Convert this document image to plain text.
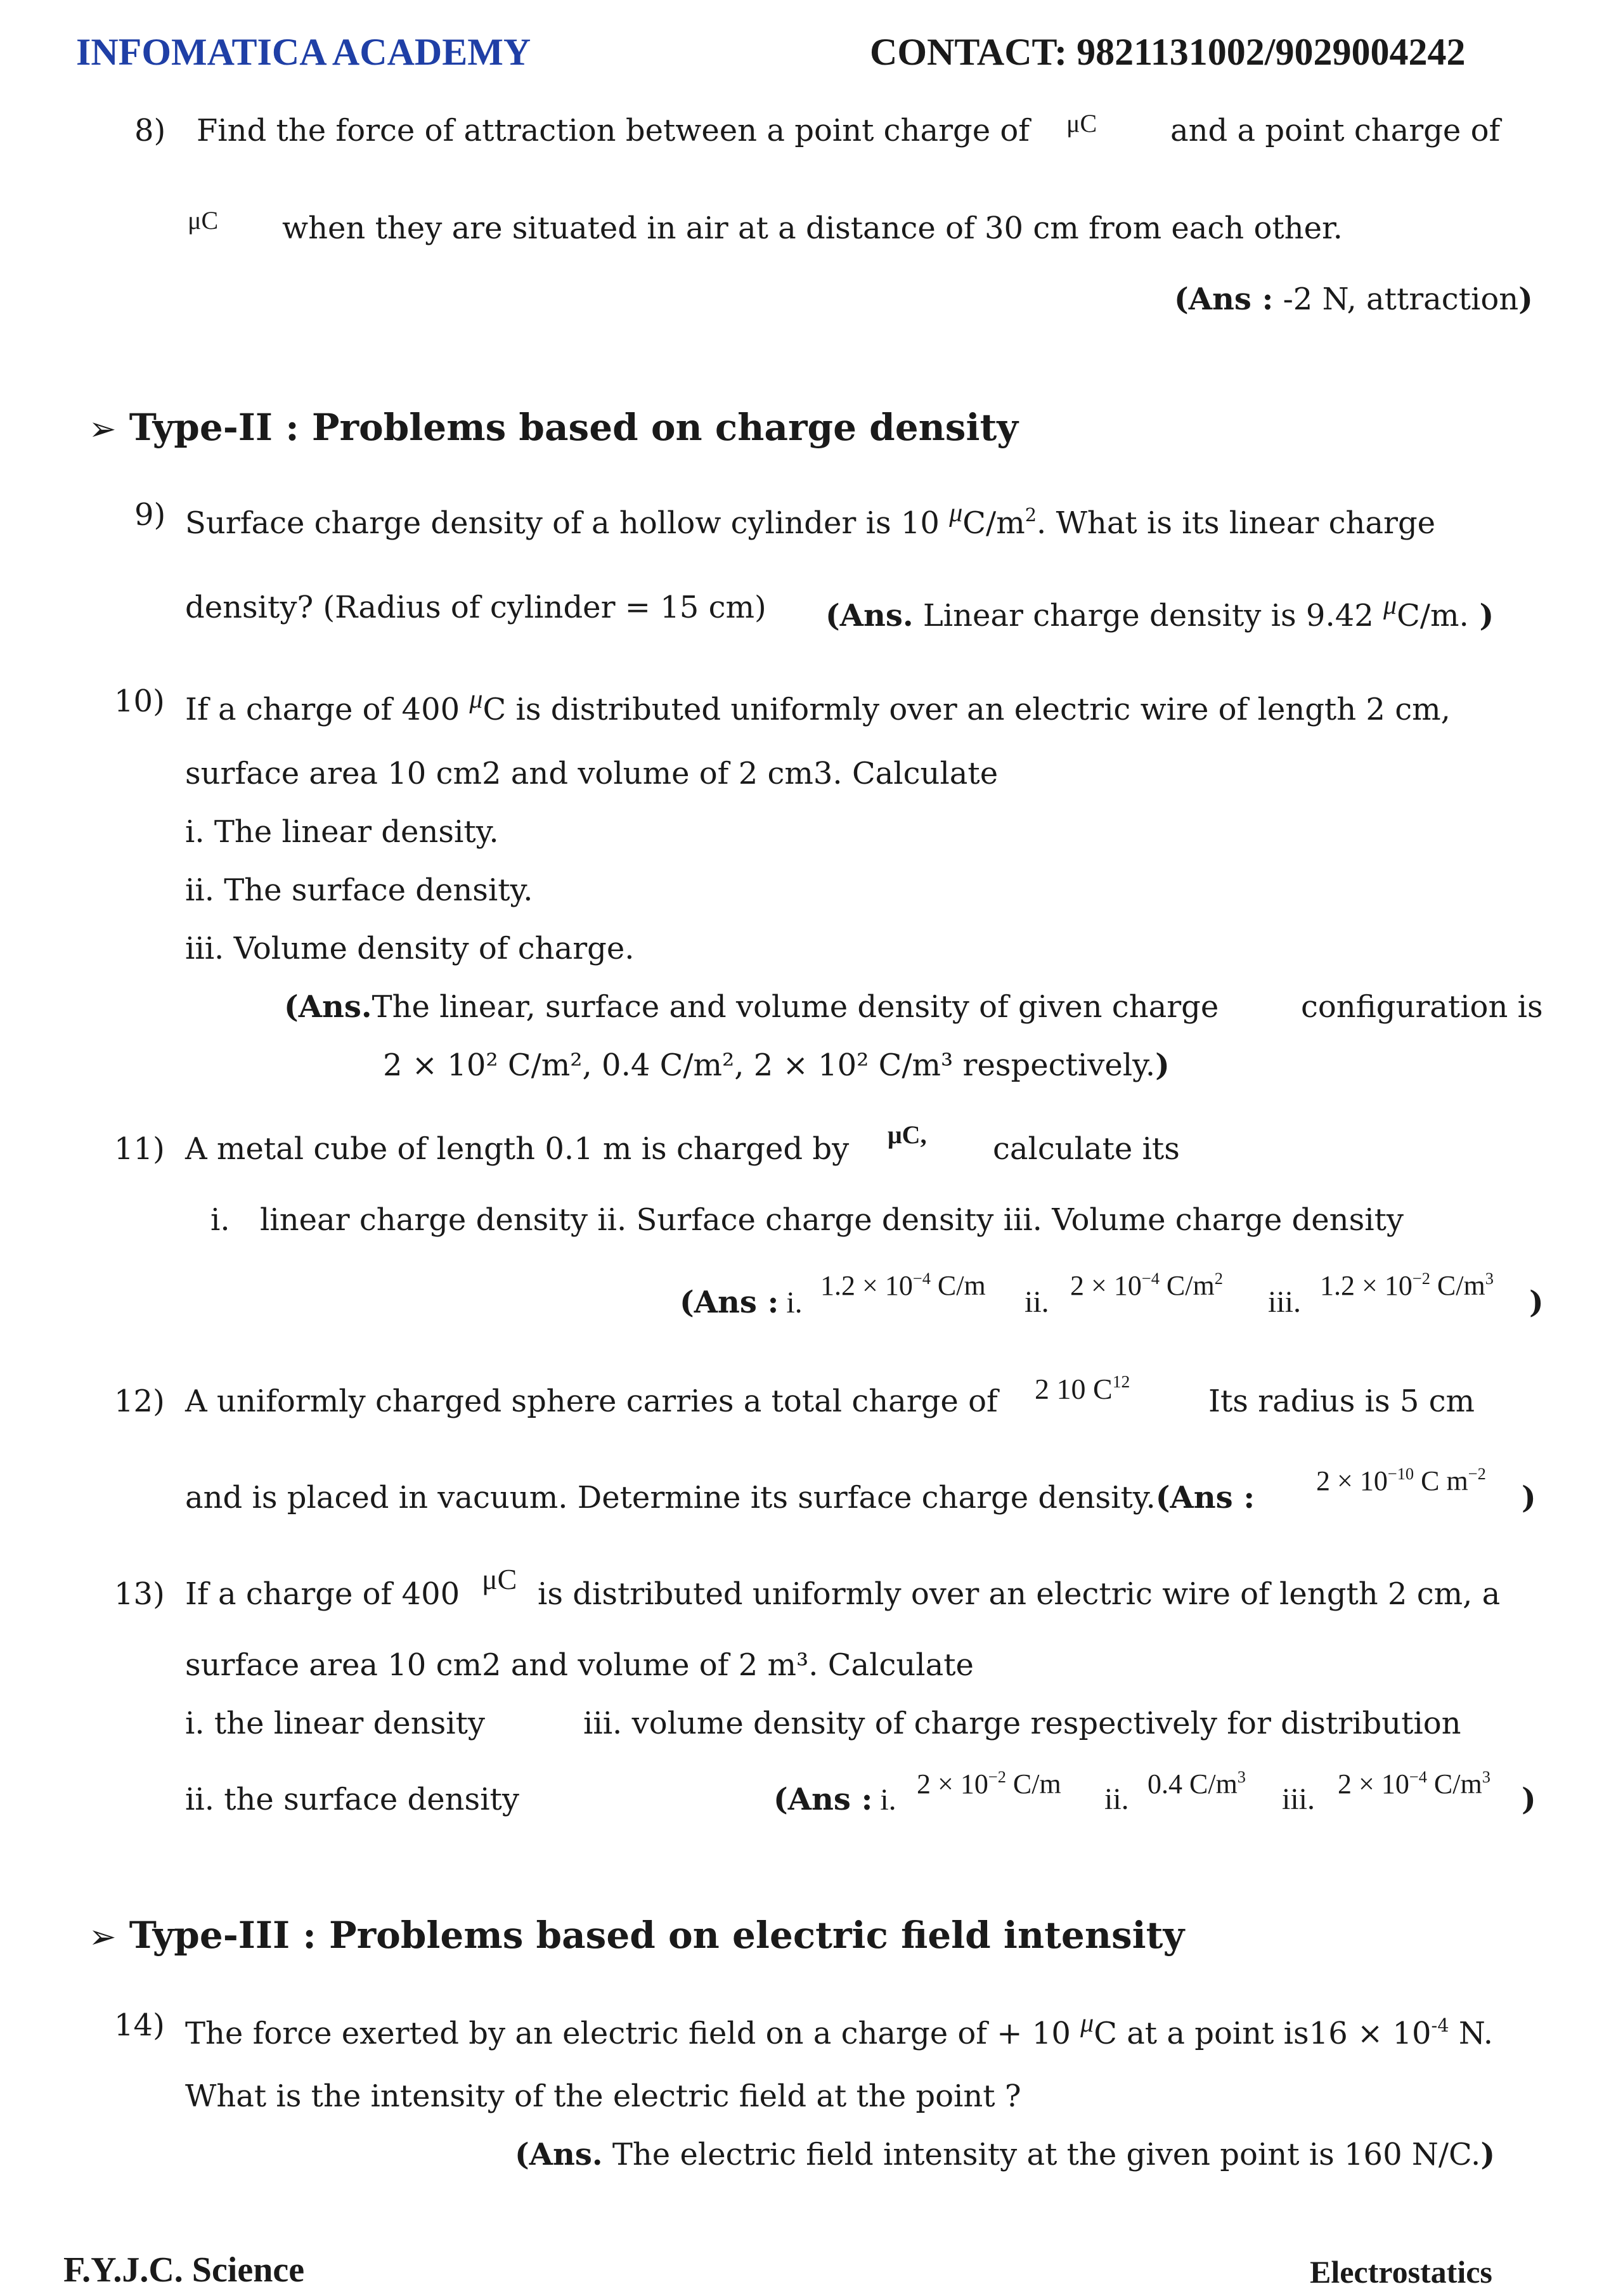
INFOMATICA ACADEMY	CONTACT: 9821131002/9029004242
8) Find the force of attraction between a point charge of μC and a point charge of
μC when they are situated in air at a distance of 30 cm from each other.
(Ans : -2 N, attraction)
➢ Type-II : Problems based on charge density
9) Surface charge density of a hollow cylinder is 10 $\mu C/m^2$. What is its linear charge
density? (Radius of cylinder = 15 cm) (Ans. Linear charge density is 9.42 μC/m. )
10) If a charge of 400 μC is distributed uniformly over an electric wire of length 2 cm,
surface area 10 cm2 and volume of 2 cm3. Calculate
i. The linear density.
ii. The surface density.
iii. Volume density of charge.
(Ans.The linear, surface and volume density of given charge	configuration is
2 × 10² C/m², 0.4 C/m², 2 × 10² C/m³ respectively.)
11) A metal cube of length 0.1 m is charged by μC, calculate its
i. linear charge density ii. Surface charge density iii. Volume charge density
(Ans : i.
$1.2 \times 10^{-4}$ C/m ii. $2 \times 10^{-4}$ $C/m^2$
iii. $1.2 \times 10^{-2}$ $C/m^3$
)
12) A uniformly charged sphere carries a total charge of 2 10 $C^{12}$
Its radius is 5 cm
and is placed in vacuum. Determine its surface charge density.(Ans : $2 \times 10^{-10}$ C $m^{-2}$
)
13) If a charge of 400 μC is distributed uniformly over an electric wire of length 2 cm, a
surface area 10 cm2 and volume of 2 m³. Calculate
i. the linear density	iii. volume density of charge respectively for distribution
ii. the surface density	(Ans : i. $2 \times 10^{-2}$ C/m ii. 0.4 $C/m^3$
iii. $2 \times 10^{-4}$ $C/m^3$
)
➢ Type-III : Problems based on electric field intensity
14) The force exerted by an electric field on a charge of + 10 μC at a point $is16 \times 10^{-4}$ N.
What is the intensity of the electric field at the point ?
(Ans. The electric field intensity at the given point is 160 N/C.)
F.Y.J.C. Science	Electrostatics
